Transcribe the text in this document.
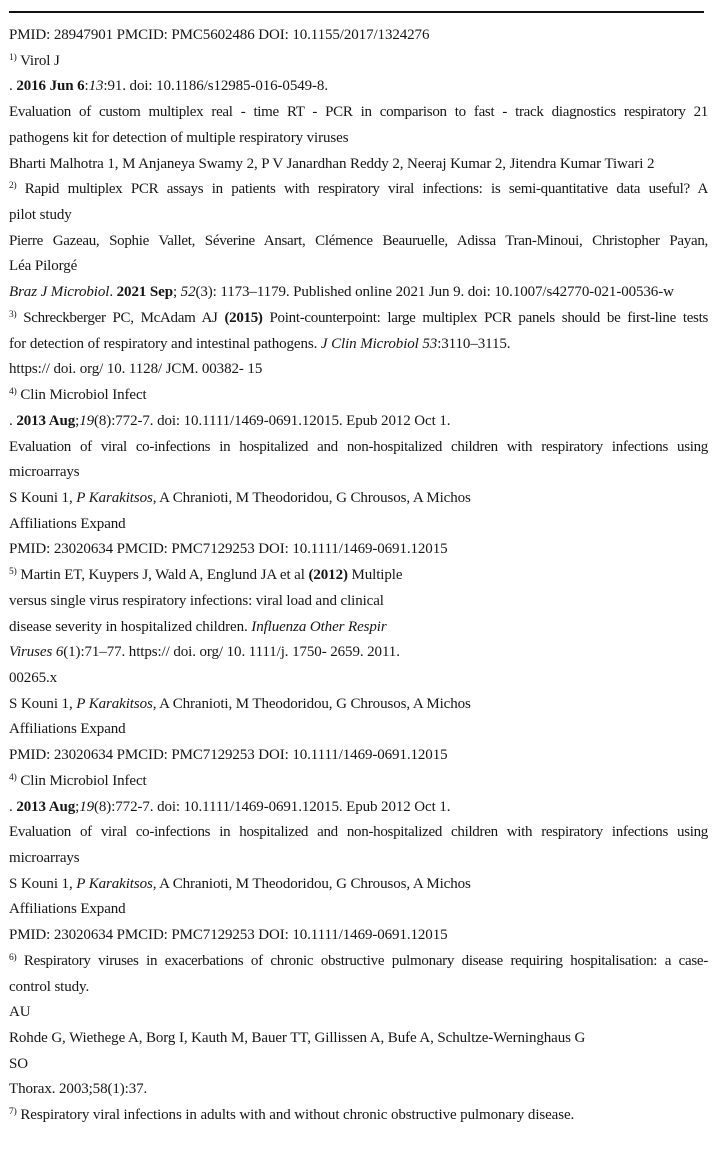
PMID: 28947901 PMCID: PMC5602486 DOI: 10.1155/2017/1324276
$^{1)}$ Virol J
. 2016 Jun 6:13:91. doi: 10.1186/s12985-016-0549-8.
Evaluation of custom multiplex real - time RT - PCR in comparison to fast - track diagnostics respiratory 21
pathogens kit for detection of multiple respiratory viruses
Bharti Malhotra 1, M Anjaneya Swamy 2, P V Janardhan Reddy 2, Neeraj Kumar 2, Jitendra Kumar Tiwari 2
$^{2)}$ Rapid multiplex PCR assays in patients with respiratory viral infections: is semi-quantitative data useful? A
pilot study
Pierre Gazeau, Sophie Vallet, Séverine Ansart, Clémence Beauruelle, Adissa Tran-Minoui, Christopher Payan,
Léa Pilorgé
Braz J Microbiol. 2021 Sep; 52(3): 1173–1179. Published online 2021 Jun 9. doi: 10.1007/s42770-021-00536-w
$^{3)}$ Schreckberger PC, McAdam AJ (2015) Point-counterpoint: large multiplex PCR panels should be first-line tests
for detection of respiratory and intestinal pathogens. J Clin Microbiol 53:3110–3115.
https:// doi. org/ 10. 1128/ JCM. 00382- 15
$^{4)}$ Clin Microbiol Infect
. 2013 Aug;19(8):772-7. doi: 10.1111/1469-0691.12015. Epub 2012 Oct 1.
Evaluation of viral co-infections in hospitalized and non-hospitalized children with respiratory infections using
microarrays
S Kouni 1, P Karakitsos, A Chranioti, M Theodoridou, G Chrousos, A Michos
Affiliations Expand
PMID: 23020634 PMCID: PMC7129253 DOI: 10.1111/1469-0691.12015
$^{5)}$ Martin ET, Kuypers J, Wald A, Englund JA et al (2012) Multiple
versus single virus respiratory infections: viral load and clinical
disease severity in hospitalized children. Influenza Other Respir
Viruses 6(1):71–77. https:// doi. org/ 10. 1111/j. 1750- 2659. 2011.
00265.x
S Kouni 1, P Karakitsos, A Chranioti, M Theodoridou, G Chrousos, A Michos
Affiliations Expand
PMID: 23020634 PMCID: PMC7129253 DOI: 10.1111/1469-0691.12015
$^{4)}$ Clin Microbiol Infect
. 2013 Aug;19(8):772-7. doi: 10.1111/1469-0691.12015. Epub 2012 Oct 1.
Evaluation of viral co-infections in hospitalized and non-hospitalized children with respiratory infections using
microarrays
S Kouni 1, P Karakitsos, A Chranioti, M Theodoridou, G Chrousos, A Michos
Affiliations Expand
PMID: 23020634 PMCID: PMC7129253 DOI: 10.1111/1469-0691.12015
$^{6)}$ Respiratory viruses in exacerbations of chronic obstructive pulmonary disease requiring hospitalisation: a case-
control study.
AU
Rohde G, Wiethege A, Borg I, Kauth M, Bauer TT, Gillissen A, Bufe A, Schultze-Werninghaus G
SO
Thorax. 2003;58(1):37.
$^{7)}$ Respiratory viral infections in adults with and without chronic obstructive pulmonary disease.
